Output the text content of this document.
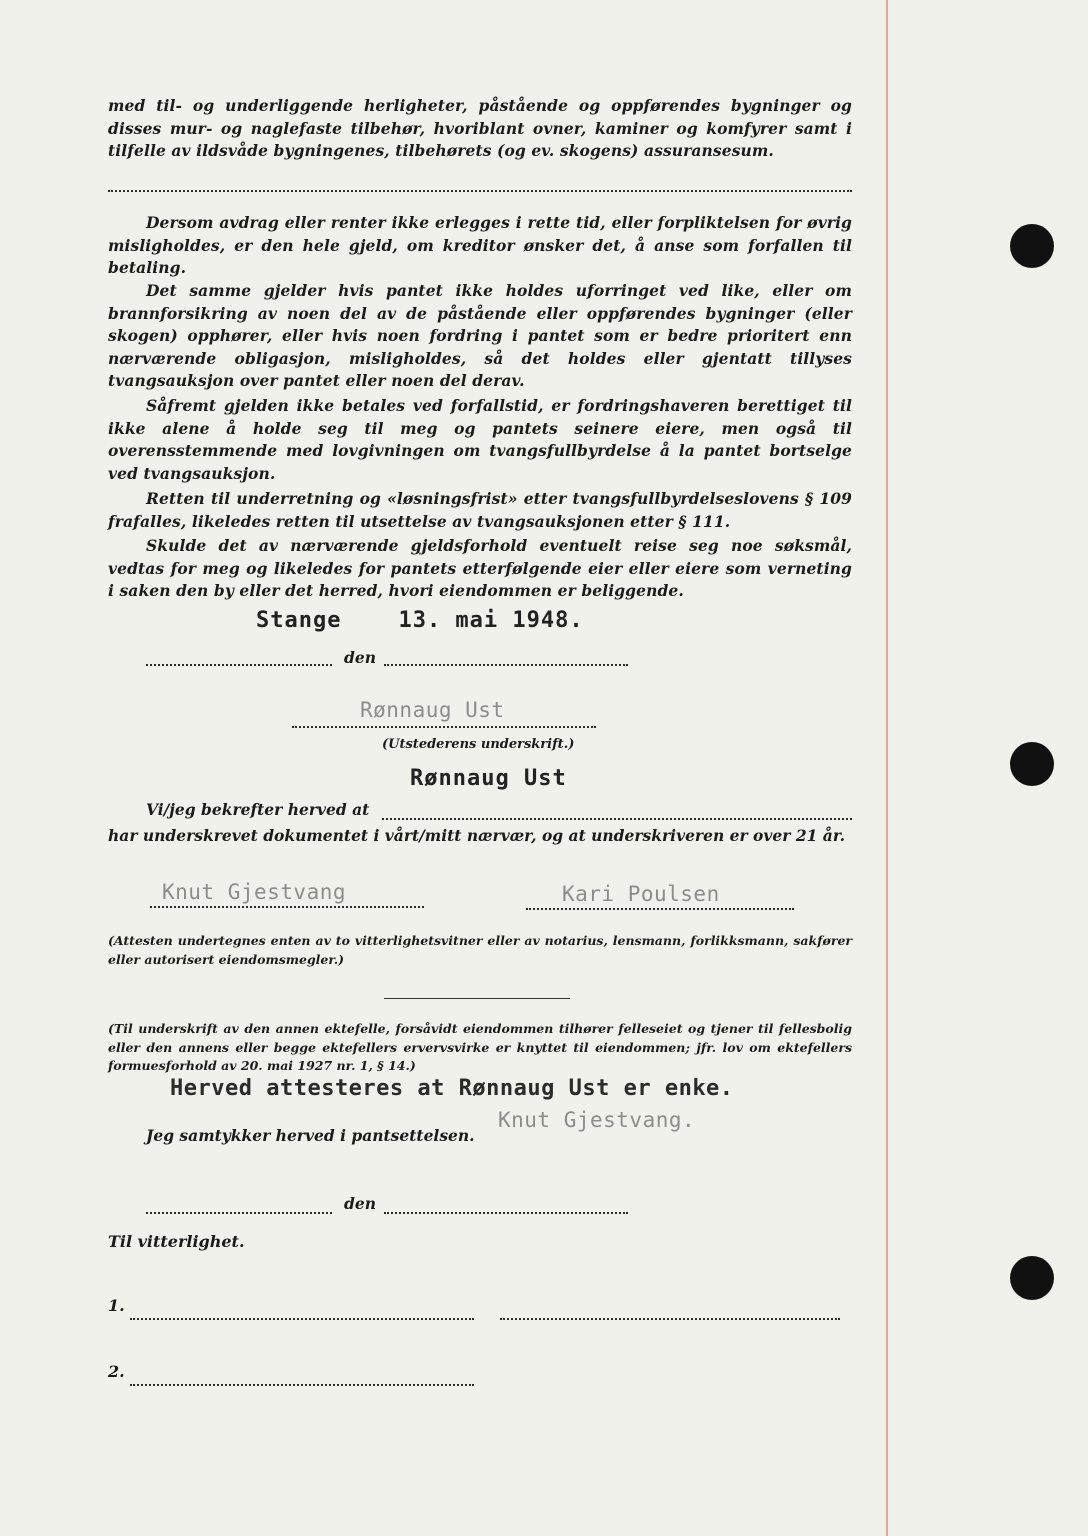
med til- og underliggende herligheter, påstående og oppførendes bygninger og disses mur- og naglefaste tilbehør, hvoriblant ovner, kaminer og komfyrer samt i tilfelle av ildsvåde bygningenes, tilbehørets (og ev. skogens) assuransesum.
Dersom avdrag eller renter ikke erlegges i rette tid, eller forpliktelsen for øvrig misligholdes, er den hele gjeld, om kreditor ønsker det, å anse som forfallen til betaling.
Det samme gjelder hvis pantet ikke holdes uforringet ved like, eller om brannforsikring av noen del av de påstående eller oppførendes bygninger (eller skogen) opphører, eller hvis noen fordring i pantet som er bedre prioritert enn nærværende obligasjon, misligholdes, så det holdes eller gjentatt tillyses tvangsauksjon over pantet eller noen del derav.
Såfremt gjelden ikke betales ved forfallstid, er fordringshaveren berettiget til ikke alene å holde seg til meg og pantets seinere eiere, men også til overensstemmende med lovgivningen om tvangsfullbyrdelse å la pantet bortselge ved tvangsauksjon.
Retten til underretning og «løsningsfrist» etter tvangsfullbyrdelseslovens § 109 frafalles, likeledes retten til utsettelse av tvangsauksjonen etter § 111.
Skulde det av nærværende gjeldsforhold eventuelt reise seg noe søksmål, vedtas for meg og likeledes for pantets etterfølgende eier eller eiere som verneting i saken den by eller det herred, hvori eiendommen er beliggende.
Stange    13. mai 1948.
den
Rønnaug Ust
(Utstederens underskrift.)
Rønnaug Ust
Vi/jeg bekrefter herved at
har underskrevet dokumentet i vårt/mitt nærvær, og at underskriveren er over 21 år.
Knut Gjestvang	Kari Poulsen
(Attesten undertegnes enten av to vitterlighetsvitner eller av notarius, lensmann, forlikksmann, sakfører eller autorisert eiendomsmegler.)
(Til underskrift av den annen ektefelle, forsåvidt eiendommen tilhører felleseiet og tjener til fellesbolig eller den annens eller begge ektefellers ervervsvirke er knyttet til eiendommen; jfr. lov om ektefellers formuesforhold av 20. mai 1927 nr. 1, § 14.)
Herved attesteres at Rønnaug Ust er enke.
Knut Gjestvang.
Jeg samtykker herved i pantsettelsen.
den
Til vitterlighet.
1.
2.
